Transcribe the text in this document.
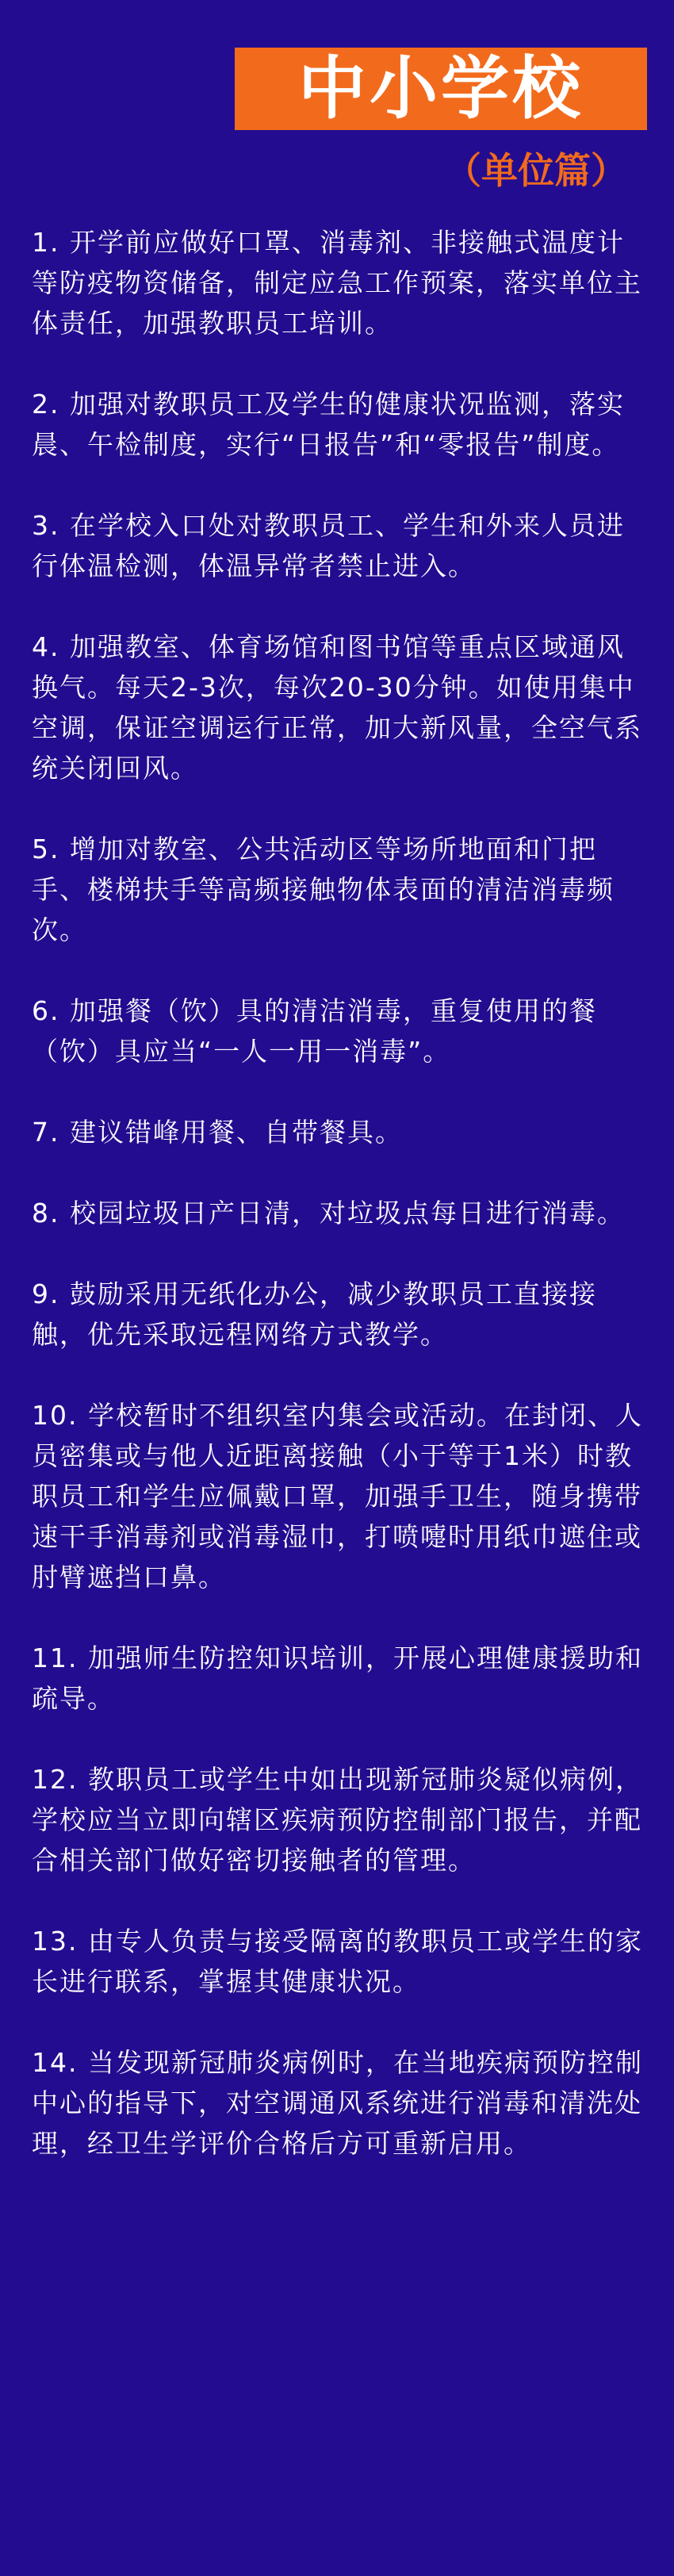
中小学校
（单位篇）

1. 开学前应做好口罩、消毒剂、非接触式温度计等防疫物资储备，制定应急工作预案，落实单位主体责任，加强教职员工培训。

2. 加强对教职员工及学生的健康状况监测，落实晨、午检制度，实行“日报告”和“零报告”制度。

3. 在学校入口处对教职员工、学生和外来人员进行体温检测，体温异常者禁止进入。

4. 加强教室、体育场馆和图书馆等重点区域通风换气。每天2-3次，每次20-30分钟。如使用集中空调，保证空调运行正常，加大新风量，全空气系统关闭回风。

5. 增加对教室、公共活动区等场所地面和门把手、楼梯扶手等高频接触物体表面的清洁消毒频次。

6. 加强餐（饮）具的清洁消毒，重复使用的餐（饮）具应当“一人一用一消毒”。

7. 建议错峰用餐、自带餐具。

8. 校园垃圾日产日清，对垃圾点每日进行消毒。

9. 鼓励采用无纸化办公，减少教职员工直接接触，优先采取远程网络方式教学。

10. 学校暂时不组织室内集会或活动。在封闭、人员密集或与他人近距离接触（小于等于1米）时教职员工和学生应佩戴口罩，加强手卫生，随身携带速干手消毒剂或消毒湿巾，打喷嚏时用纸巾遮住或肘臂遮挡口鼻。

11. 加强师生防控知识培训，开展心理健康援助和疏导。

12. 教职员工或学生中如出现新冠肺炎疑似病例，学校应当立即向辖区疾病预防控制部门报告，并配合相关部门做好密切接触者的管理。

13. 由专人负责与接受隔离的教职员工或学生的家长进行联系，掌握其健康状况。

14. 当发现新冠肺炎病例时，在当地疾病预防控制中心的指导下，对空调通风系统进行消毒和清洗处理，经卫生学评价合格后方可重新启用。
